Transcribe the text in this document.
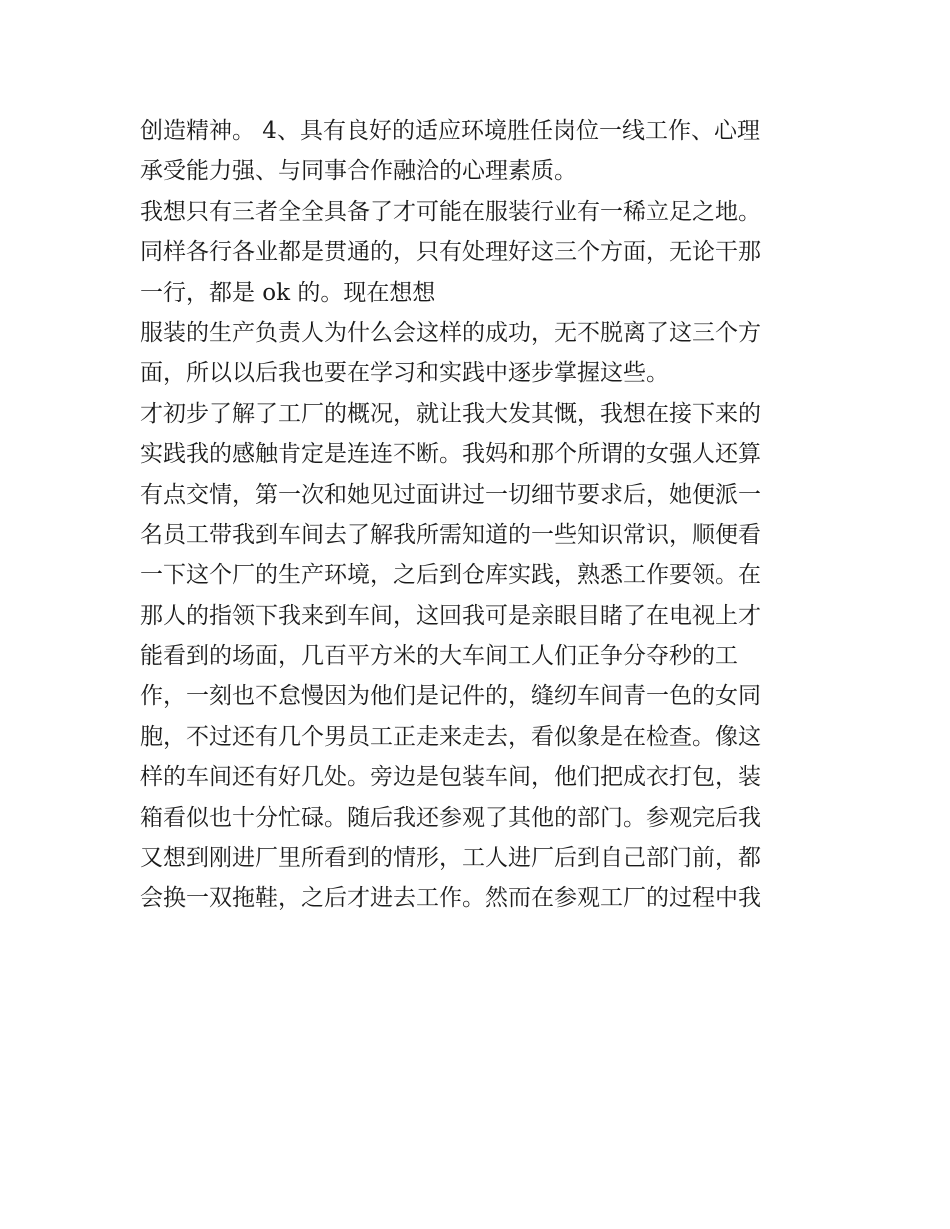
创造精神。 4、具有良好的适应环境胜任岗位一线工作、心理
承受能力强、与同事合作融洽的心理素质。
我想只有三者全全具备了才可能在服装行业有一稀立足之地。
同样各行各业都是贯通的，只有处理好这三个方面，无论干那
一行，都是 ok 的。现在想想
服装的生产负责人为什么会这样的成功，无不脱离了这三个方
面，所以以后我也要在学习和实践中逐步掌握这些。
才初步了解了工厂的概况，就让我大发其慨，我想在接下来的
实践我的感触肯定是连连不断。我妈和那个所谓的女强人还算
有点交情，第一次和她见过面讲过一切细节要求后，她便派一
名员工带我到车间去了解我所需知道的一些知识常识，顺便看
一下这个厂的生产环境，之后到仓库实践，熟悉工作要领。在
那人的指领下我来到车间，这回我可是亲眼目睹了在电视上才
能看到的场面，几百平方米的大车间工人们正争分夺秒的工
作，一刻也不怠慢因为他们是记件的，缝纫车间青一色的女同
胞，不过还有几个男员工正走来走去，看似象是在检查。像这
样的车间还有好几处。旁边是包装车间，他们把成衣打包，装
箱看似也十分忙碌。随后我还参观了其他的部门。参观完后我
又想到刚进厂里所看到的情形，工人进厂后到自己部门前，都
会换一双拖鞋，之后才进去工作。然而在参观工厂的过程中我
